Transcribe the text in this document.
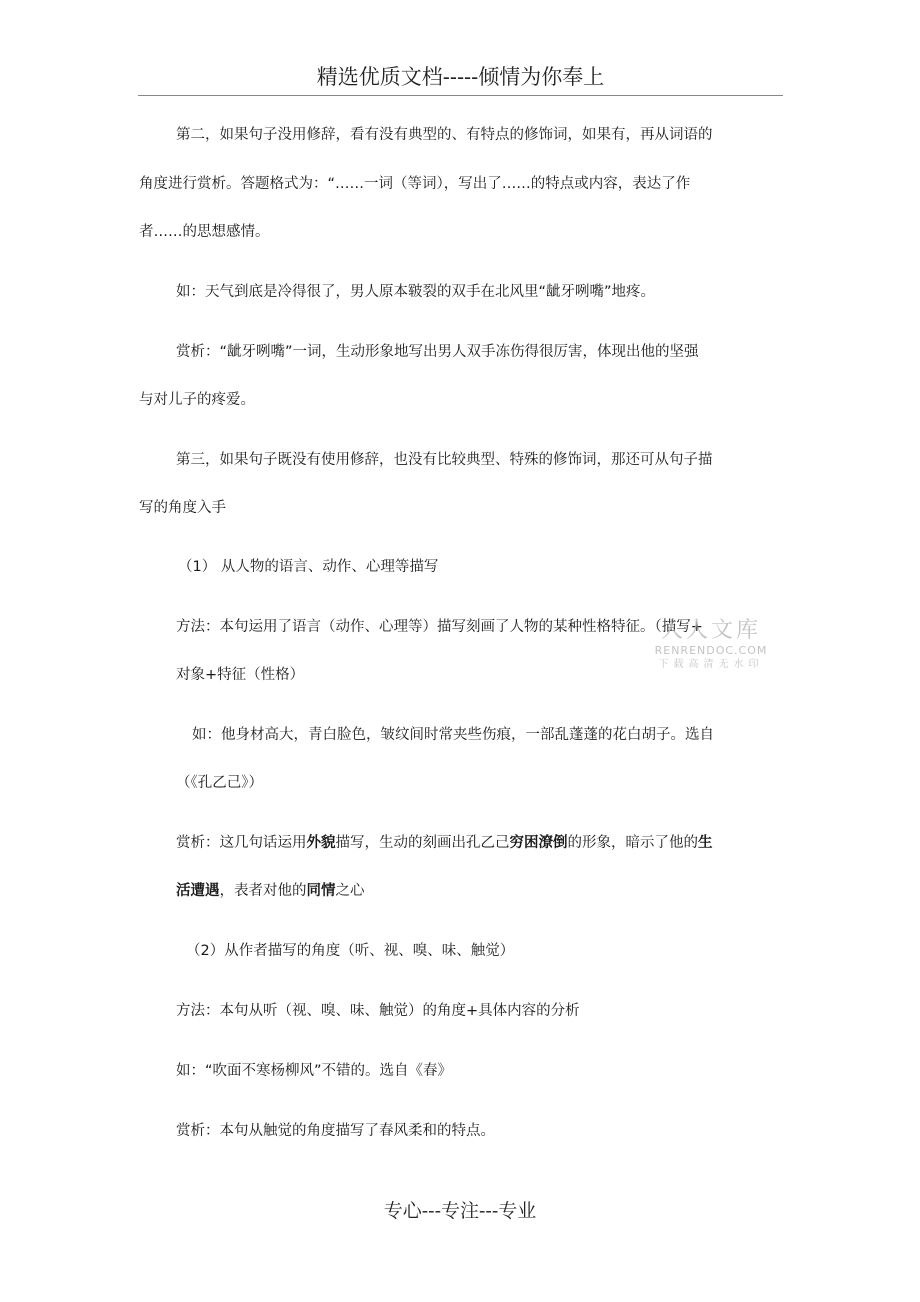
精选优质文档-----倾情为你奉上
第二，如果句子没用修辞，看有没有典型的、有特点的修饰词，如果有，再从词语的
角度进行赏析。答题格式为：“……一词（等词），写出了……的特点或内容，表达了作
者……的思想感情。
如：天气到底是冷得很了，男人原本皲裂的双手在北风里“龇牙咧嘴”地疼。
赏析：“龇牙咧嘴”一词，生动形象地写出男人双手冻伤得很厉害，体现出他的坚强
与对儿子的疼爱。
第三，如果句子既没有使用修辞，也没有比较典型、特殊的修饰词，那还可从句子描
写的角度入手
（1） 从人物的语言、动作、心理等描写
方法：本句运用了语言（动作、心理等）描写刻画了人物的某种性格特征。（描写+
对象+特征（性格）
如：他身材高大，青白脸色，皱纹间时常夹些伤痕，一部乱蓬蓬的花白胡子。选自
（《孔乙己》）
赏析：这几句话运用外貌描写，生动的刻画出孔乙己穷困潦倒的形象，暗示了他的生
活遭遇，表者对他的同情之心
（2）从作者描写的角度（听、视、嗅、味、触觉）
方法：本句从听（视、嗅、味、触觉）的角度+具体内容的分析
如：“吹面不寒杨柳风”不错的。选自《春》
赏析：本句从触觉的角度描写了春风柔和的特点。
人人文库
RENRENDOC.COM
下载高清无水印
专心---专注---专业
